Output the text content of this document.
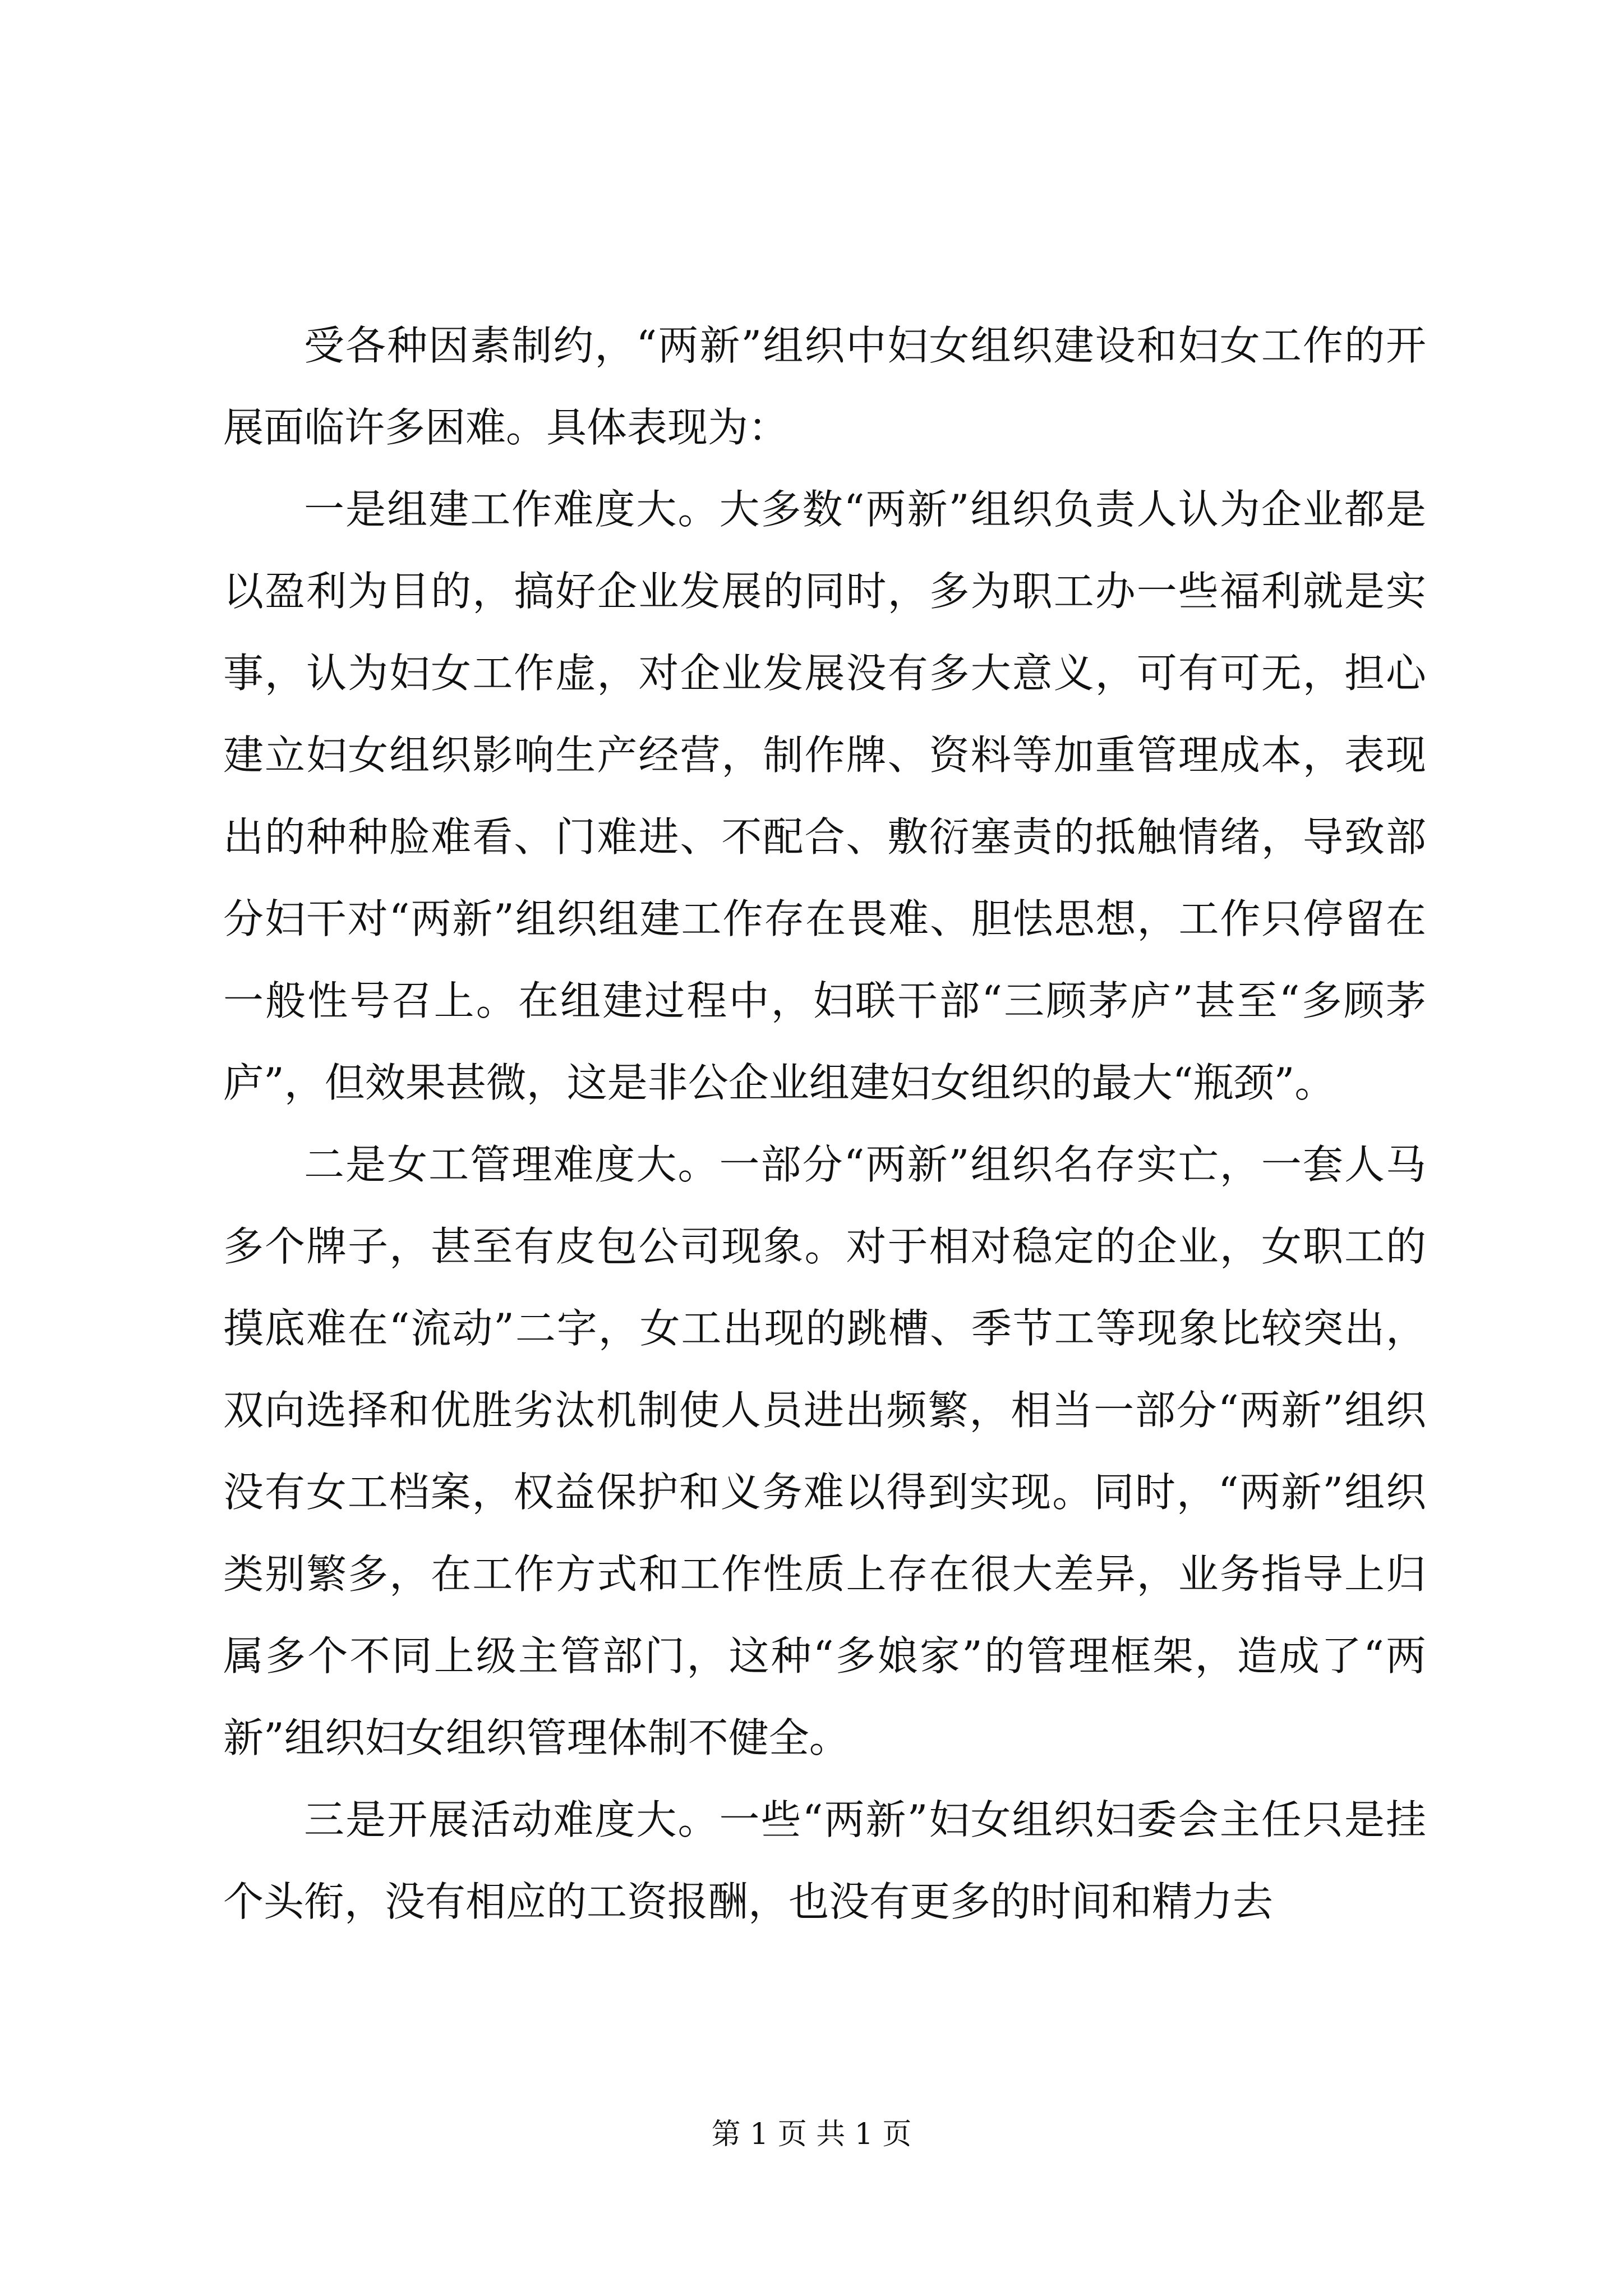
受各种因素制约，“两新”组织中妇女组织建设和妇女工作的开展面临许多困难。具体表现为：

一是组建工作难度大。大多数“两新”组织负责人认为企业都是以盈利为目的，搞好企业发展的同时，多为职工办一些福利就是实事，认为妇女工作虚，对企业发展没有多大意义，可有可无，担心建立妇女组织影响生产经营，制作牌、资料等加重管理成本，表现出的种种脸难看、门难进、不配合、敷衍塞责的抵触情绪，导致部分妇干对“两新”组织组建工作存在畏难、胆怯思想，工作只停留在一般性号召上。在组建过程中，妇联干部“三顾茅庐”甚至“多顾茅庐”，但效果甚微，这是非公企业组建妇女组织的最大“瓶颈”。

二是女工管理难度大。一部分“两新”组织名存实亡，一套人马多个牌子，甚至有皮包公司现象。对于相对稳定的企业，女职工的摸底难在“流动”二字，女工出现的跳槽、季节工等现象比较突出，双向选择和优胜劣汰机制使人员进出频繁，相当一部分“两新”组织没有女工档案，权益保护和义务难以得到实现。同时，“两新”组织类别繁多，在工作方式和工作性质上存在很大差异，业务指导上归属多个不同上级主管部门，这种“多娘家”的管理框架，造成了“两新”组织妇女组织管理体制不健全。

三是开展活动难度大。一些“两新”妇女组织妇委会主任只是挂个头衔，没有相应的工资报酬，也没有更多的时间和精力去

第 1 页 共 1 页
